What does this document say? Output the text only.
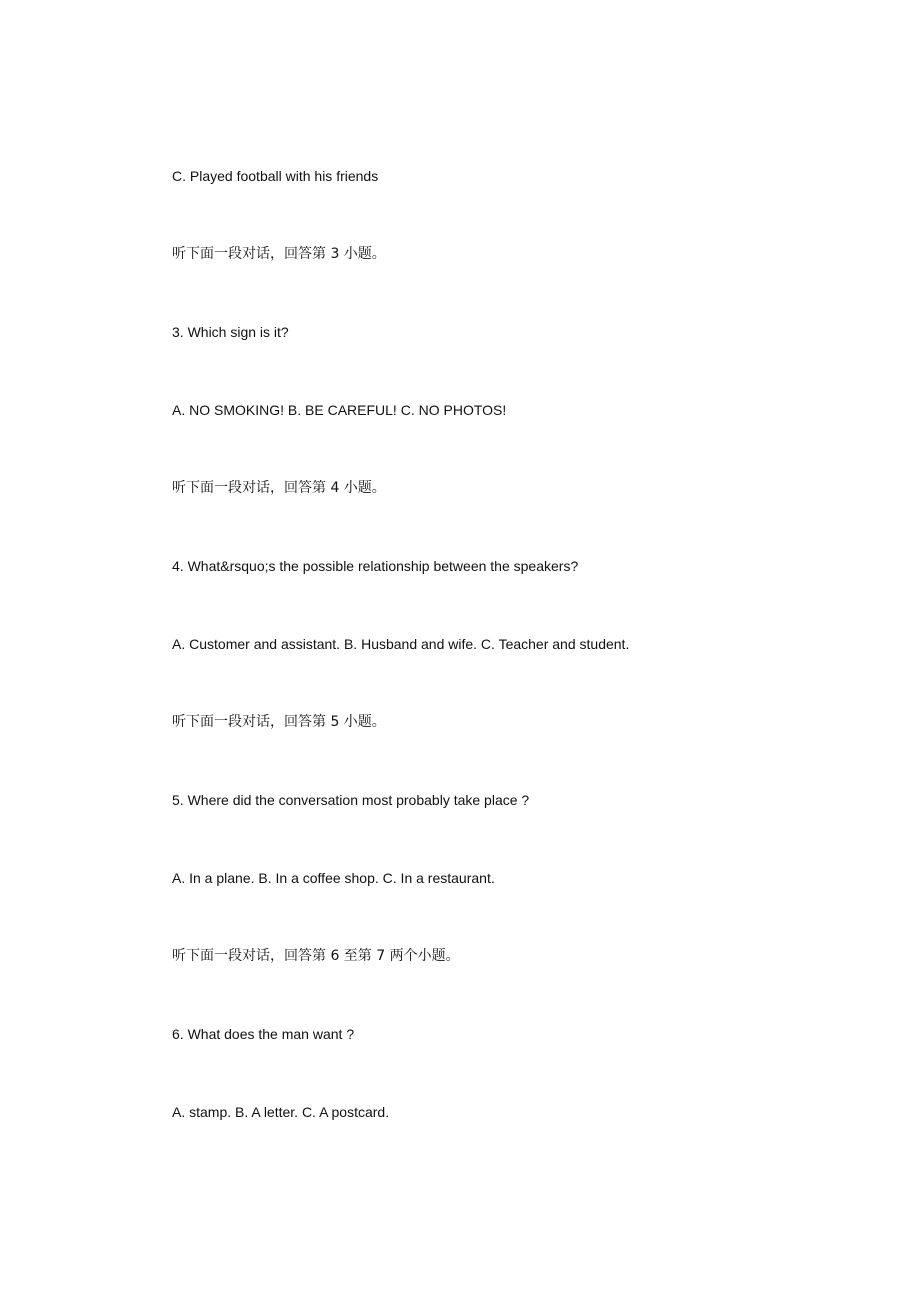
C. Played football with his friends

听下面一段对话，回答第 3 小题。

3. Which sign is it?

A. NO SMOKING! B. BE CAREFUL! C. NO PHOTOS!

听下面一段对话，回答第 4 小题。

4. What&rsquo;s the possible relationship between the speakers?

A. Customer and assistant. B. Husband and wife. C. Teacher and student.

听下面一段对话，回答第 5 小题。

5. Where did the conversation most probably take place ?

A. In a plane. B. In a coffee shop. C. In a restaurant.

听下面一段对话，回答第 6 至第 7 两个小题。

6. What does the man want ?

A. stamp. B. A letter. C. A postcard.
